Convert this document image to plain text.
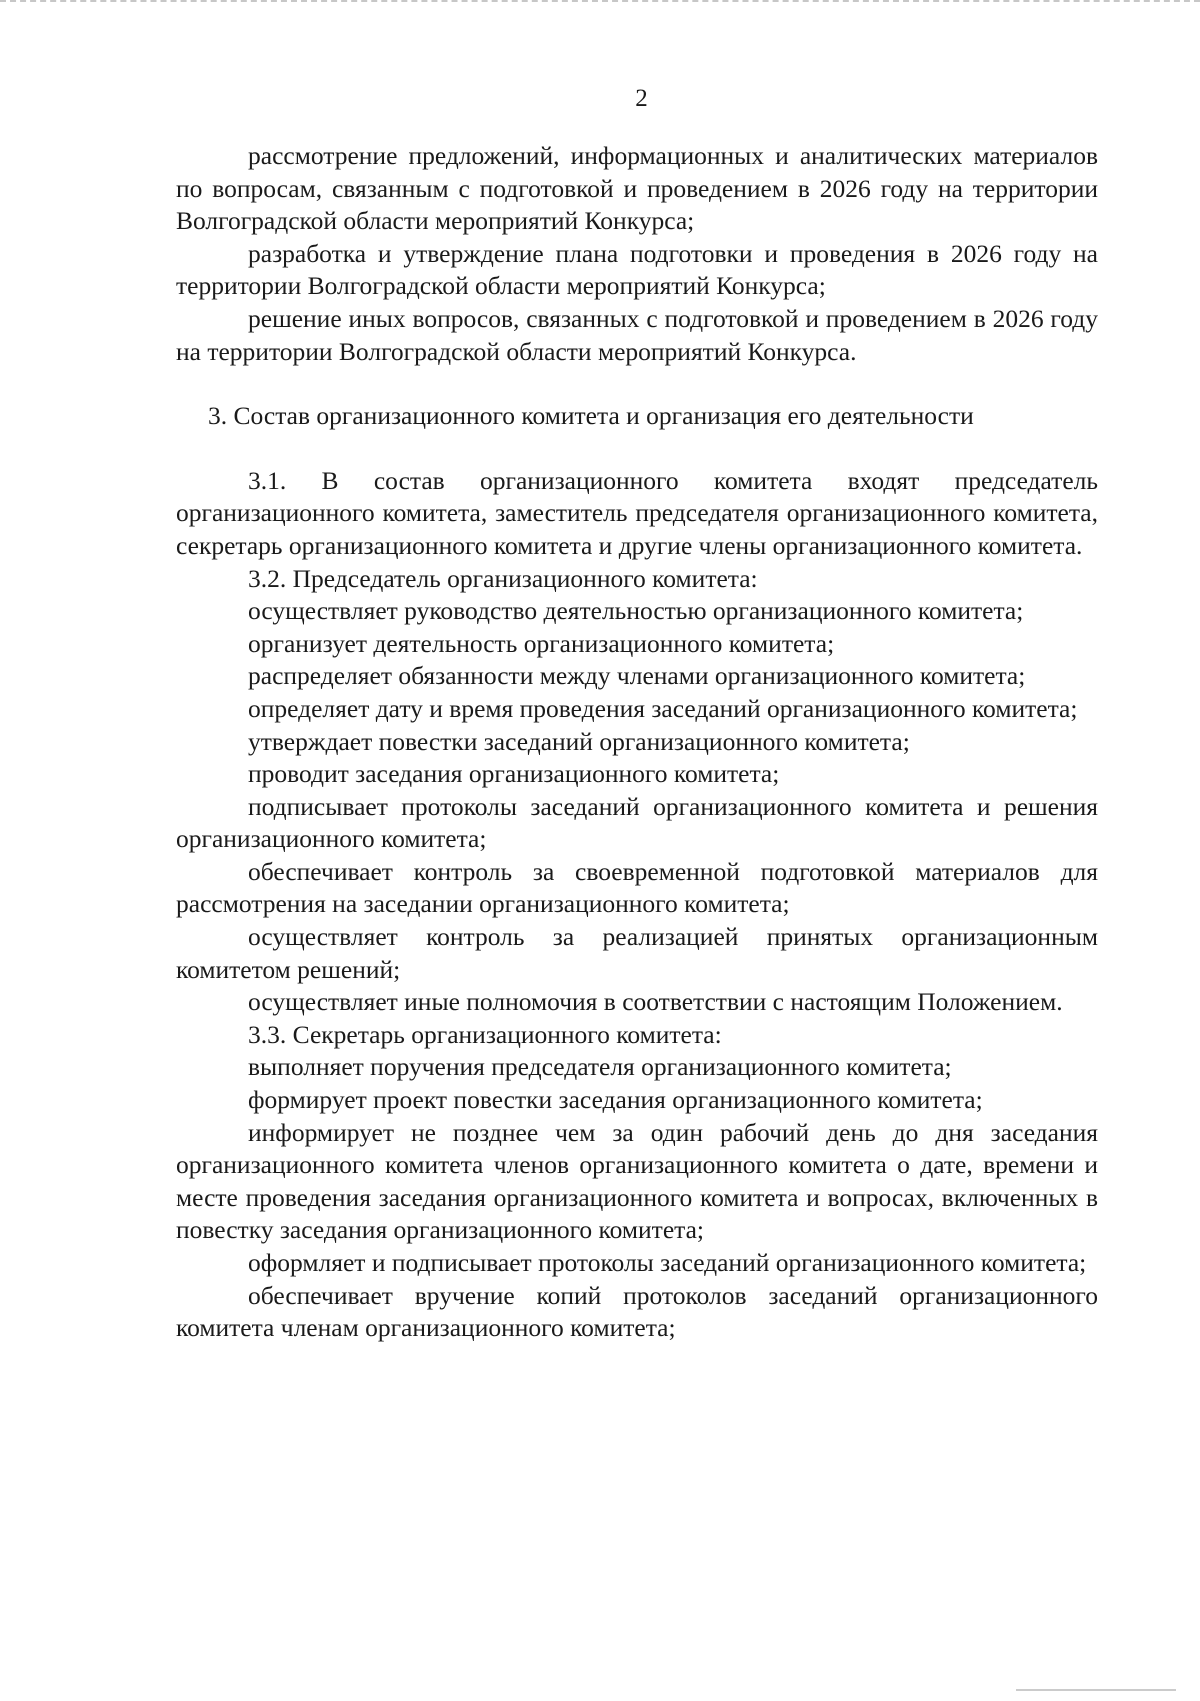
2

рассмотрение предложений, информационных и аналитических материалов по вопросам, связанным с подготовкой и проведением в 2026 году на территории Волгоградской области мероприятий Конкурса;

разработка и утверждение плана подготовки и проведения в 2026 году на территории Волгоградской области мероприятий Конкурса;

решение иных вопросов, связанных с подготовкой и проведением в 2026 году на территории Волгоградской области мероприятий Конкурса.

3. Состав организационного комитета и организация его деятельности

3.1. В состав организационного комитета входят председатель организационного комитета, заместитель председателя организационного комитета, секретарь организационного комитета и другие члены организационного комитета.

3.2. Председатель организационного комитета:

осуществляет руководство деятельностью организационного комитета;

организует деятельность организационного комитета;

распределяет обязанности между членами организационного комитета;

определяет дату и время проведения заседаний организационного комитета;

утверждает повестки заседаний организационного комитета;

проводит заседания организационного комитета;

подписывает протоколы заседаний организационного комитета и решения организационного комитета;

обеспечивает контроль за своевременной подготовкой материалов для рассмотрения на заседании организационного комитета;

осуществляет контроль за реализацией принятых организационным комитетом решений;

осуществляет иные полномочия в соответствии с настоящим Положением.

3.3. Секретарь организационного комитета:

выполняет поручения председателя организационного комитета;

формирует проект повестки заседания организационного комитета;

информирует не позднее чем за один рабочий день до дня заседания организационного комитета членов организационного комитета о дате, времени и месте проведения заседания организационного комитета и вопросах, включенных в повестку заседания организационного комитета;

оформляет и подписывает протоколы заседаний организационного комитета;

обеспечивает вручение копий протоколов заседаний организационного комитета членам организационного комитета;
